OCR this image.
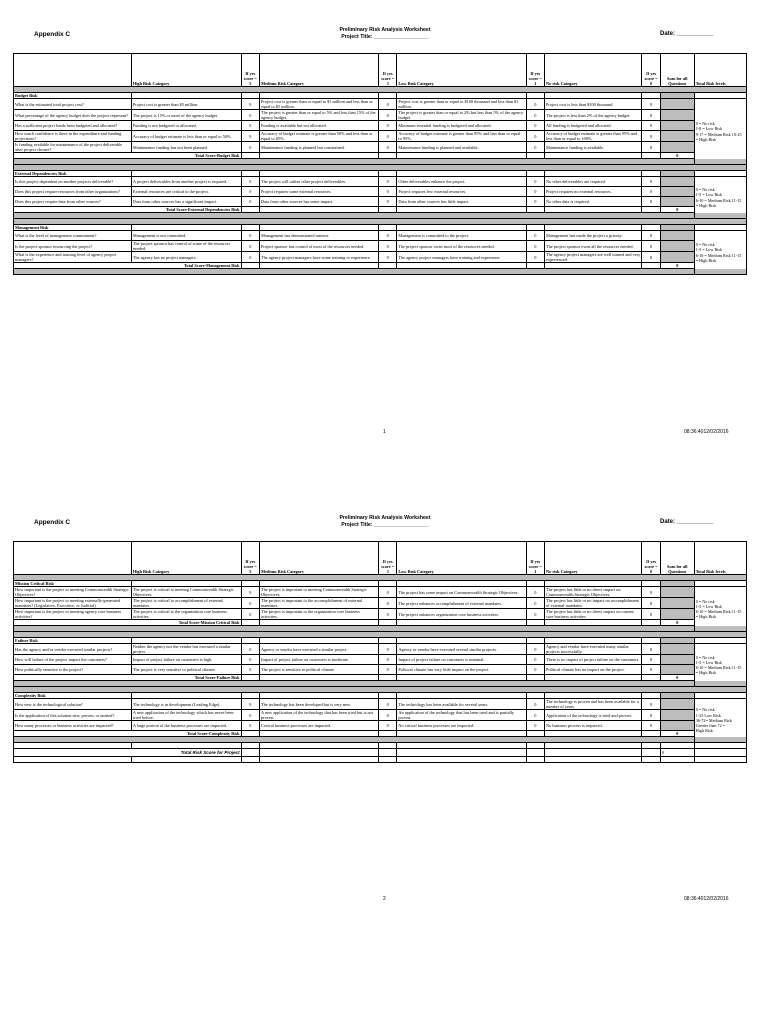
Appendix C
Preliminary Risk Analysis Worksheet
Project Title: ___________________	Date: ___________
	High Risk Category	If yes score = 5	Medium Risk Category	If yes score = 3	Low Risk Category	If yes score = 1	No risk Category	If yes score = 0	Sum for all Questions	Total Risk levels

Budget Risk										
What is the estimated total project cost?	Project cost is greater than $5 million.	0	Project cost is greater than or equal to $1 million and less than or equal to $5 million.	0	Project cost is greater than or equal to $100 thousand and less than $1 million.	0	Project cost is less than $100 thousand.	0		0 = No risk
1-8 = Low Risk
9-17 = Medium Risk 18-25
= High Risk
What percentage of the agency budget does the project represent?	The project is 15% or more of the agency budget.	0	The project is greater than or equal to 5% and less than 15% of the agency budget.	0	The project is greater than or equal to 2% but less than 5% of the agency budget.	0	The project is less than 2% of the agency budget.	0		
Has a sufficient project funds been budgeted and allocated?	Funding is not budgeted or allocated.	0	Funding is available but not allocated.	0	Minimum essential funding is budgeted and allocated.	0	All funding is budgeted and allocated.	0		
How much confidence is there in the expenditure and funding projections?	Accuracy of budget estimate is less than or equal to 50%.	0	Accuracy of budget estimate is greater than 50% and less than or equal to 85%.	0	Accuracy of budget estimate is greater than 85% and less than or equal to 95%.	0	Accuracy of budget estimate is greater than 95% and less than or equal to 100%.	0		
Is funding available for maintenance of the project deliverable after project closure?	Maintenance funding has not been planned.	0	Maintenance funding is planned but constrained.	0	Maintenance funding is planned and available.	0	Maintenance funding is available.	0		
Total Score-Budget Risk									0	

External Dependencies Risk										
Is this project dependent on another projects deliverable?	A project deliverables from another project is required.	0	The project will utilize other project deliverables.	0	Other deliverables enhance the project.	0	No other deliverables are required.	0		0 = No risk
1-5 = Low Risk
6-10 = Medium Risk 11-15
= High Risk
Does this project require resources from other organizations?	External resources are critical to the project.	0	Project requires some external resources.	0	Project requires few external resources.	0	Project requires no external resources.	0		
Does this project require data from other sources?	Data from other sources has a significant impact.	0	Data from other sources has some impact.	0	Data from other sources has little impact.	0	No other data is required.	0		
Total Score-External Dependencies Risk									0	

Management Risk										
What is the level of management commitment?	Management is not committed.	0	Management has demonstrated interest.	0	Management is committed to the project.	0	Management has made the project a priority.	0		0 = No risk
1-5 = Low Risk
6-10 = Medium Risk 11-15
= High Risk
Is the project sponsor resourcing the project?	The project sponsor has control of some of the resources needed.	0	Project sponsor has control of most of the resources needed.	0	The project sponsor owns most of the resources needed.	0	The project sponsor owns all the resources needed.	0		
What is the experience and training level of agency project managers?	The agency has no project managers.	0	The agency project managers have some training or experience.	0	The agency project managers have training and experience.	0	The agency project managers are well trained and very experienced.	0		
Total Score-Management Risk									0	

1	08:36:4012/02/2016
Appendix C
Preliminary Risk Analysis Worksheet
Project Title: ___________________	Date: ___________
	High Risk Category	If yes score = 5	Medium Risk Category	If yes score = 3	Low Risk Category	If yes score = 1	No risk Category	If yes score = 0	Sum for all Questions	Total Risk levels

Mission Critical Risk										
How important is the project to meeting Commonwealth Strategic Objectives?	The project is critical to meeting Commonwealth Strategic Objectives.	0	The project is important to meeting Commonwealth Strategic Objectives.	0	The project has some impact on Commonwealth Strategic Objectives.	0	The project has little or no direct impact on Commonwealth Strategic Objectives.	0		0 = No risk
1-5 = Low Risk
6-10 = Medium Risk 11-15
= High Risk
How important is the project to meeting externally-generated mandates? (Legislative, Executive, or Judicial)	The project is critical to accomplishment of external mandates.	0	The project is important to the accomplishment of external mandates.	0	The project enhances accomplishment of external mandates.	0	The project has little or no impact on accomplishment of external mandates.	0		
How important is the project to meeting agency core business activities?	The project is critical to the organization core business activities.	0	The project is important to the organization core business activities.	0	The project enhances organization core business activities.	0	The project has little or no direct impact on current core business activities.	0		
Total Score-Mission Critical Risk									0	

Failure Risk										
Has the agency and/or vendor executed similar projects?	Neither the agency nor the vendor has executed a similar project.	0	Agency or vendor have executed a similar project.	0	Agency or vendor have executed several similar projects.	0	Agency and vendor have executed many similar projects successfully.	0		0 = No risk
1-5 = Low Risk
6-10 = Medium Risk 11-15
= High Risk
How will failure of the project impact the customers?	Impact of project failure on customers is high.	0	Impact of project failure on customers is moderate.	0	Impact of project failure on customers is minimal.	0	There is no impact of project failure on the customers.	0		
How politically sensitive is the project?	The project is very sensitive to political climate.	0	The project is sensitive to political climate.	0	Political climate has very little impact on the project.	0	Political climate has no impact on the project.	0		
Total Score-Failure Risk									0	

Complexity Risk										
How new is the technological solution?	The technology is in development (Leading Edge).	0	The technology has been developed but is very new.	0	The technology has been available for several years.	0	The technology is proven and has been available for a number of years.	0		0 = No risk
1-35 Low Risk
36-72= Medium Risk
Greater than 72 =
High Risk
Is the application of this solution new, proven, or untried?	A new application of the technology which has never been tried before.	0	A new application of the technology that has been tried but is not proven.	0	An application of the technology that has been tried and is partially proven.	0	Application of the technology is tried and proven.	0		
How many processes or business activities are impacted?	A large portion of the business processes are impacted.	0	Critical business processes are impacted.	0	No critical business processes are impacted.	0	No business process is impacted.	0		
Total Score-Complexity Risk									0	

Total Risk Score for Project									0	

2	08:36:4012/02/2016
